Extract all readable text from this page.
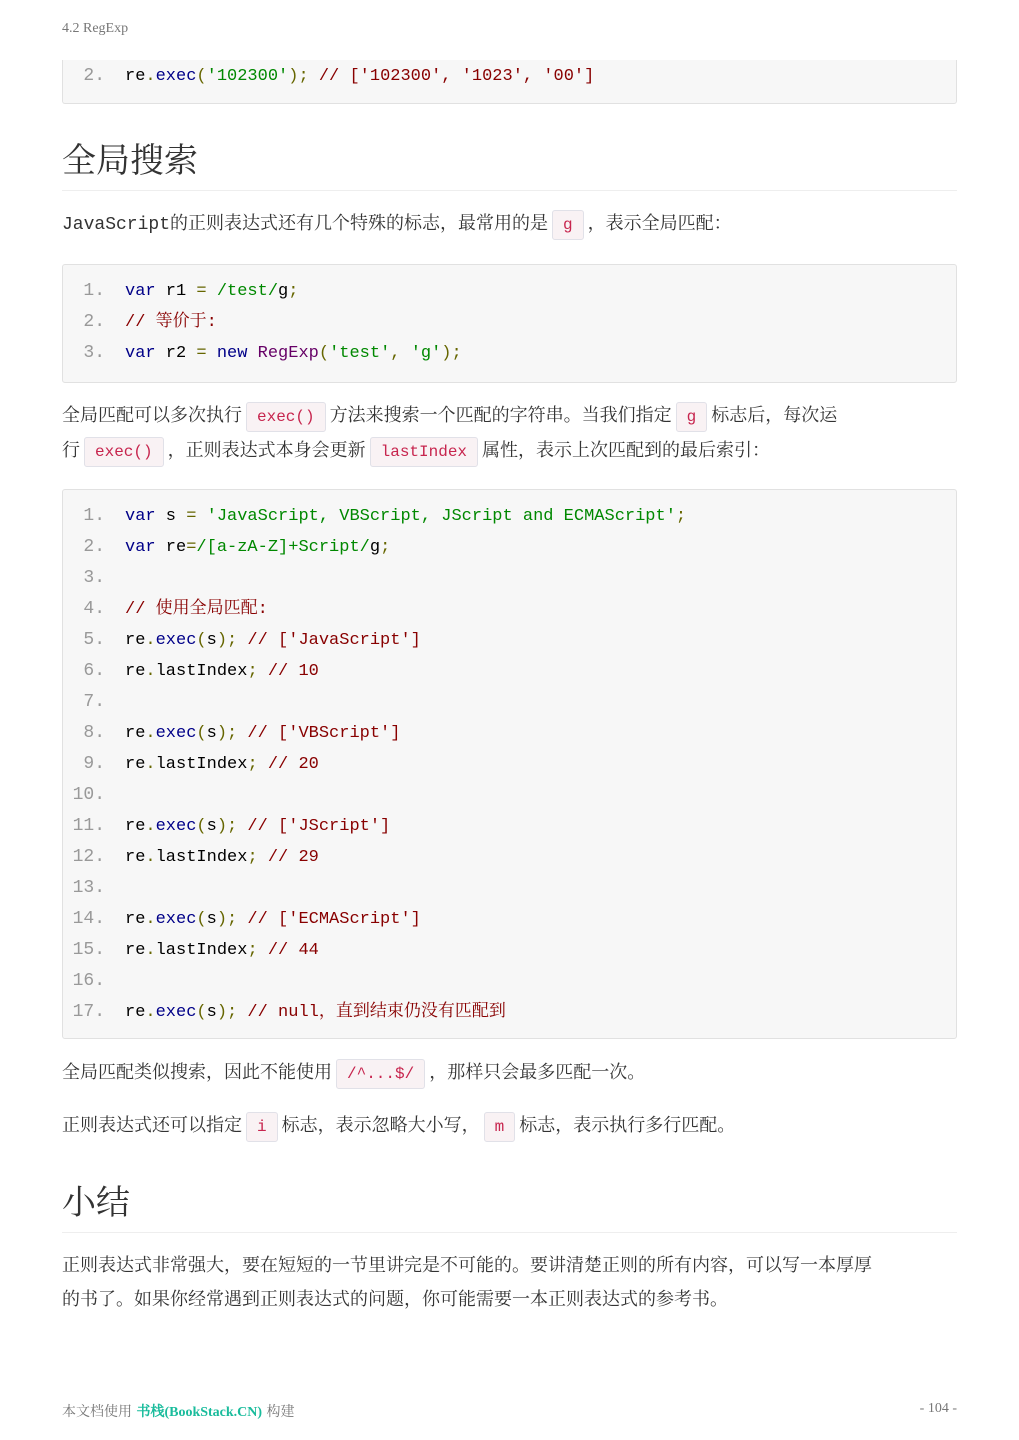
4.2 RegExp
2. re.exec('102300'); // ['102300', '1023', '00']
全局搜索
JavaScript的正则表达式还有几个特殊的标志，最常用的是 g ，表示全局匹配：
1. var r1 = /test/g;
2. // 等价于:
3. var r2 = new RegExp('test', 'g');
全局匹配可以多次执行 exec() 方法来搜索一个匹配的字符串。当我们指定 g 标志后，每次运
行 exec() ，正则表达式本身会更新 lastIndex 属性，表示上次匹配到的最后索引：
1. var s = 'JavaScript, VBScript, JScript and ECMAScript';
2. var re=/[a-zA-Z]+Script/g;
3.
4. // 使用全局匹配:
5. re.exec(s); // ['JavaScript']
6. re.lastIndex; // 10
7.
8. re.exec(s); // ['VBScript']
9. re.lastIndex; // 20
10.
11. re.exec(s); // ['JScript']
12. re.lastIndex; // 29
13.
14. re.exec(s); // ['ECMAScript']
15. re.lastIndex; // 44
16.
17. re.exec(s); // null，直到结束仍没有匹配到
全局匹配类似搜索，因此不能使用 /^...$/ ，那样只会最多匹配一次。
正则表达式还可以指定 i 标志，表示忽略大小写， m 标志，表示执行多行匹配。
小结
正则表达式非常强大，要在短短的一节里讲完是不可能的。要讲清楚正则的所有内容，可以写一本厚厚
的书了。如果你经常遇到正则表达式的问题，你可能需要一本正则表达式的参考书。
本文档使用 书栈(BookStack.CN) 构建	- 104 -
